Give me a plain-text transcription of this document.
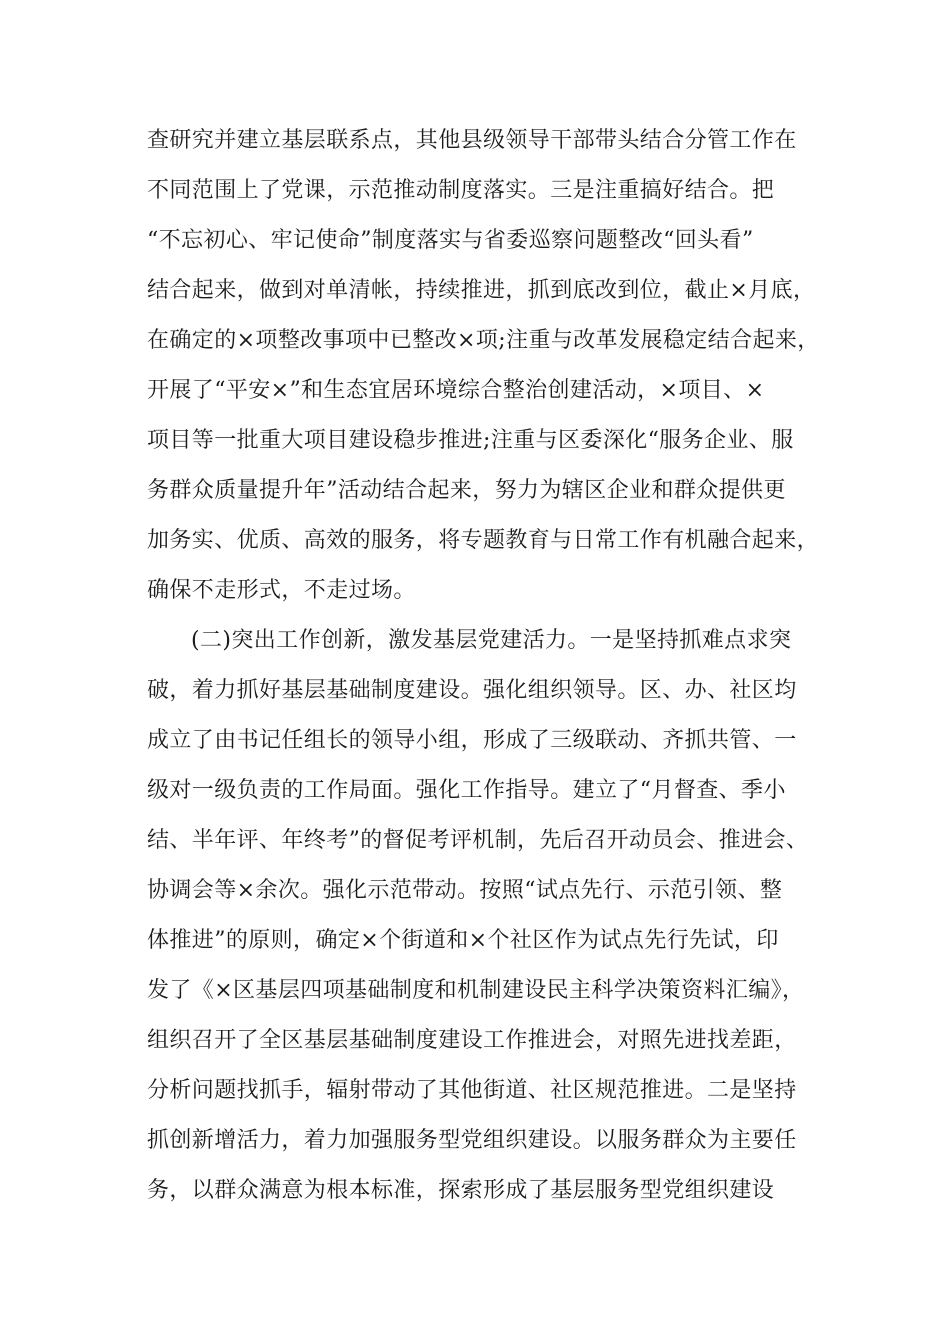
查研究并建立基层联系点，其他县级领导干部带头结合分管工作在
不同范围上了党课，示范推动制度落实。三是注重搞好结合。把
“不忘初心、牢记使命”制度落实与省委巡察问题整改“回头看”
结合起来，做到对单清帐，持续推进，抓到底改到位，截止×月底，
在确定的×项整改事项中已整改×项;注重与改革发展稳定结合起来，
开展了“平安×”和生态宜居环境综合整治创建活动，×项目、×
项目等一批重大项目建设稳步推进;注重与区委深化“服务企业、服
务群众质量提升年”活动结合起来，努力为辖区企业和群众提供更
加务实、优质、高效的服务，将专题教育与日常工作有机融合起来，
确保不走形式，不走过场。
(二)突出工作创新，激发基层党建活力。一是坚持抓难点求突
破，着力抓好基层基础制度建设。强化组织领导。区、办、社区均
成立了由书记任组长的领导小组，形成了三级联动、齐抓共管、一
级对一级负责的工作局面。强化工作指导。建立了“月督查、季小
结、半年评、年终考”的督促考评机制，先后召开动员会、推进会、
协调会等×余次。强化示范带动。按照“试点先行、示范引领、整
体推进”的原则，确定×个街道和×个社区作为试点先行先试，印
发了《×区基层四项基础制度和机制建设民主科学决策资料汇编》，
组织召开了全区基层基础制度建设工作推进会，对照先进找差距，
分析问题找抓手，辐射带动了其他街道、社区规范推进。二是坚持
抓创新增活力，着力加强服务型党组织建设。以服务群众为主要任
务，以群众满意为根本标准，探索形成了基层服务型党组织建设
